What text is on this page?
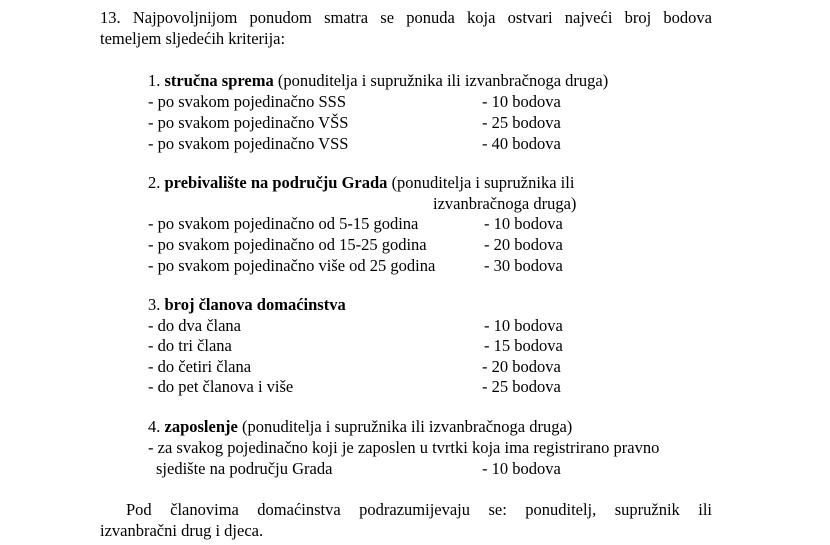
13. Najpovoljnijom ponudom smatra se ponuda koja ostvari najveći broj bodova
temeljem sljedećih kriterija:
1. stručna sprema (ponuditelja i supružnika ili izvanbračnoga druga)
- po svakom pojedinačno SSS	- 10 bodova
- po svakom pojedinačno VŠS	- 25 bodova
- po svakom pojedinačno VSS	- 40 bodova
2. prebivalište na području Grada (ponuditelja i supružnika ili
izvanbračnoga druga)
- po svakom pojedinačno od 5-15 godina	- 10 bodova
- po svakom pojedinačno od 15-25 godina	- 20 bodova
- po svakom pojedinačno više od 25 godina	- 30 bodova
3. broj članova domaćinstva
- do dva člana	- 10 bodova
- do tri člana	- 15 bodova
- do četiri člana	- 20 bodova
- do pet članova i više	- 25 bodova
4. zaposlenje (ponuditelja i supružnika ili izvanbračnoga druga)
- za svakog pojedinačno koji je zaposlen u tvrtki koja ima registrirano pravno
sjedište na području Grada	- 10 bodova
Pod članovima domaćinstva podrazumijevaju se: ponuditelj, supružnik ili
izvanbračni drug i djeca.
